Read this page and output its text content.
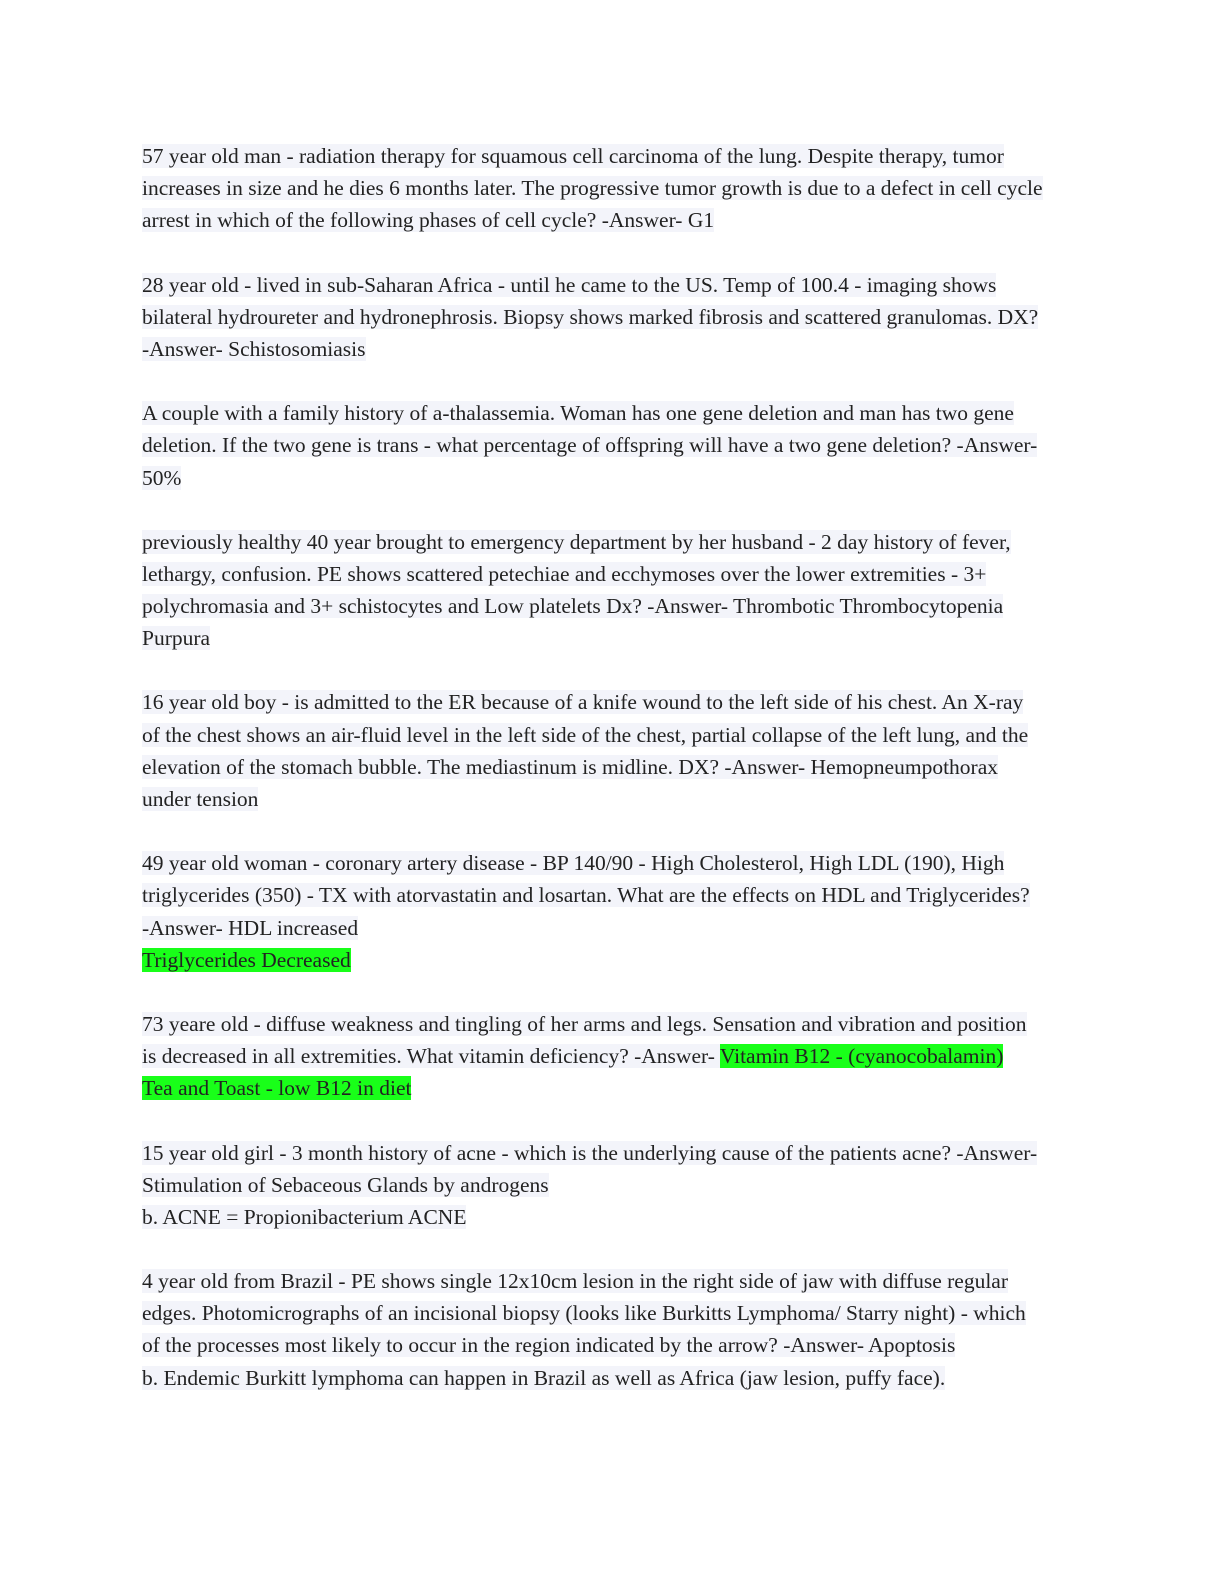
57 year old man - radiation therapy for squamous cell carcinoma of the lung. Despite therapy, tumor
increases in size and he dies 6 months later. The progressive tumor growth is due to a defect in cell cycle
arrest in which of the following phases of cell cycle? -Answer- G1
28 year old - lived in sub-Saharan Africa - until he came to the US. Temp of 100.4 - imaging shows
bilateral hydroureter and hydronephrosis. Biopsy shows marked fibrosis and scattered granulomas. DX?
-Answer- Schistosomiasis
A couple with a family history of a-thalassemia. Woman has one gene deletion and man has two gene
deletion. If the two gene is trans - what percentage of offspring will have a two gene deletion? -Answer-
50%
previously healthy 40 year brought to emergency department by her husband - 2 day history of fever,
lethargy, confusion. PE shows scattered petechiae and ecchymoses over the lower extremities - 3+
polychromasia and 3+ schistocytes and Low platelets Dx? -Answer- Thrombotic Thrombocytopenia
Purpura
16 year old boy - is admitted to the ER because of a knife wound to the left side of his chest. An X-ray
of the chest shows an air-fluid level in the left side of the chest, partial collapse of the left lung, and the
elevation of the stomach bubble. The mediastinum is midline. DX? -Answer- Hemopneumpothorax
under tension
49 year old woman - coronary artery disease - BP 140/90 - High Cholesterol, High LDL (190), High
triglycerides (350) - TX with atorvastatin and losartan. What are the effects on HDL and Triglycerides?
-Answer- HDL increased
Triglycerides Decreased
73 yeare old - diffuse weakness and tingling of her arms and legs. Sensation and vibration and position
is decreased in all extremities. What vitamin deficiency? -Answer- Vitamin B12 - (cyanocobalamin)
Tea and Toast - low B12 in diet
15 year old girl - 3 month history of acne - which is the underlying cause of the patients acne? -Answer-
Stimulation of Sebaceous Glands by androgens
b. ACNE = Propionibacterium ACNE
4 year old from Brazil - PE shows single 12x10cm lesion in the right side of jaw with diffuse regular
edges. Photomicrographs of an incisional biopsy (looks like Burkitts Lymphoma/ Starry night) - which
of the processes most likely to occur in the region indicated by the arrow? -Answer- Apoptosis
b. Endemic Burkitt lymphoma can happen in Brazil as well as Africa (jaw lesion, puffy face).
